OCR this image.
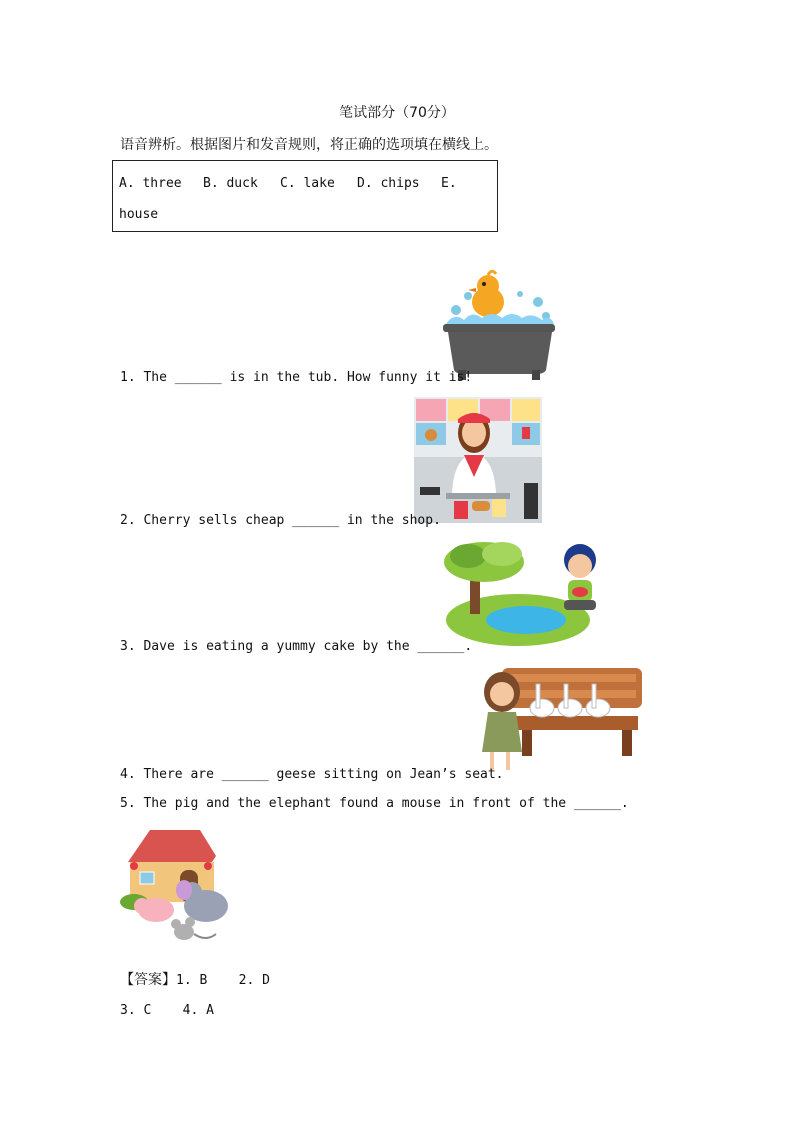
笔试部分（70分）
语音辨析。根据图片和发音规则，将正确的选项填在横线上。
A. three B. duck C. lake D. chips E.
house
1. The ______ is in the tub. How funny it is!
2. Cherry sells cheap ______ in the shop.
3. Dave is eating a yummy cake by the ______.
4. There are ______ geese sitting on Jean’s seat.
5. The pig and the elephant found a mouse in front of the ______.
【答案】1. B    2. D
3. C    4. A
